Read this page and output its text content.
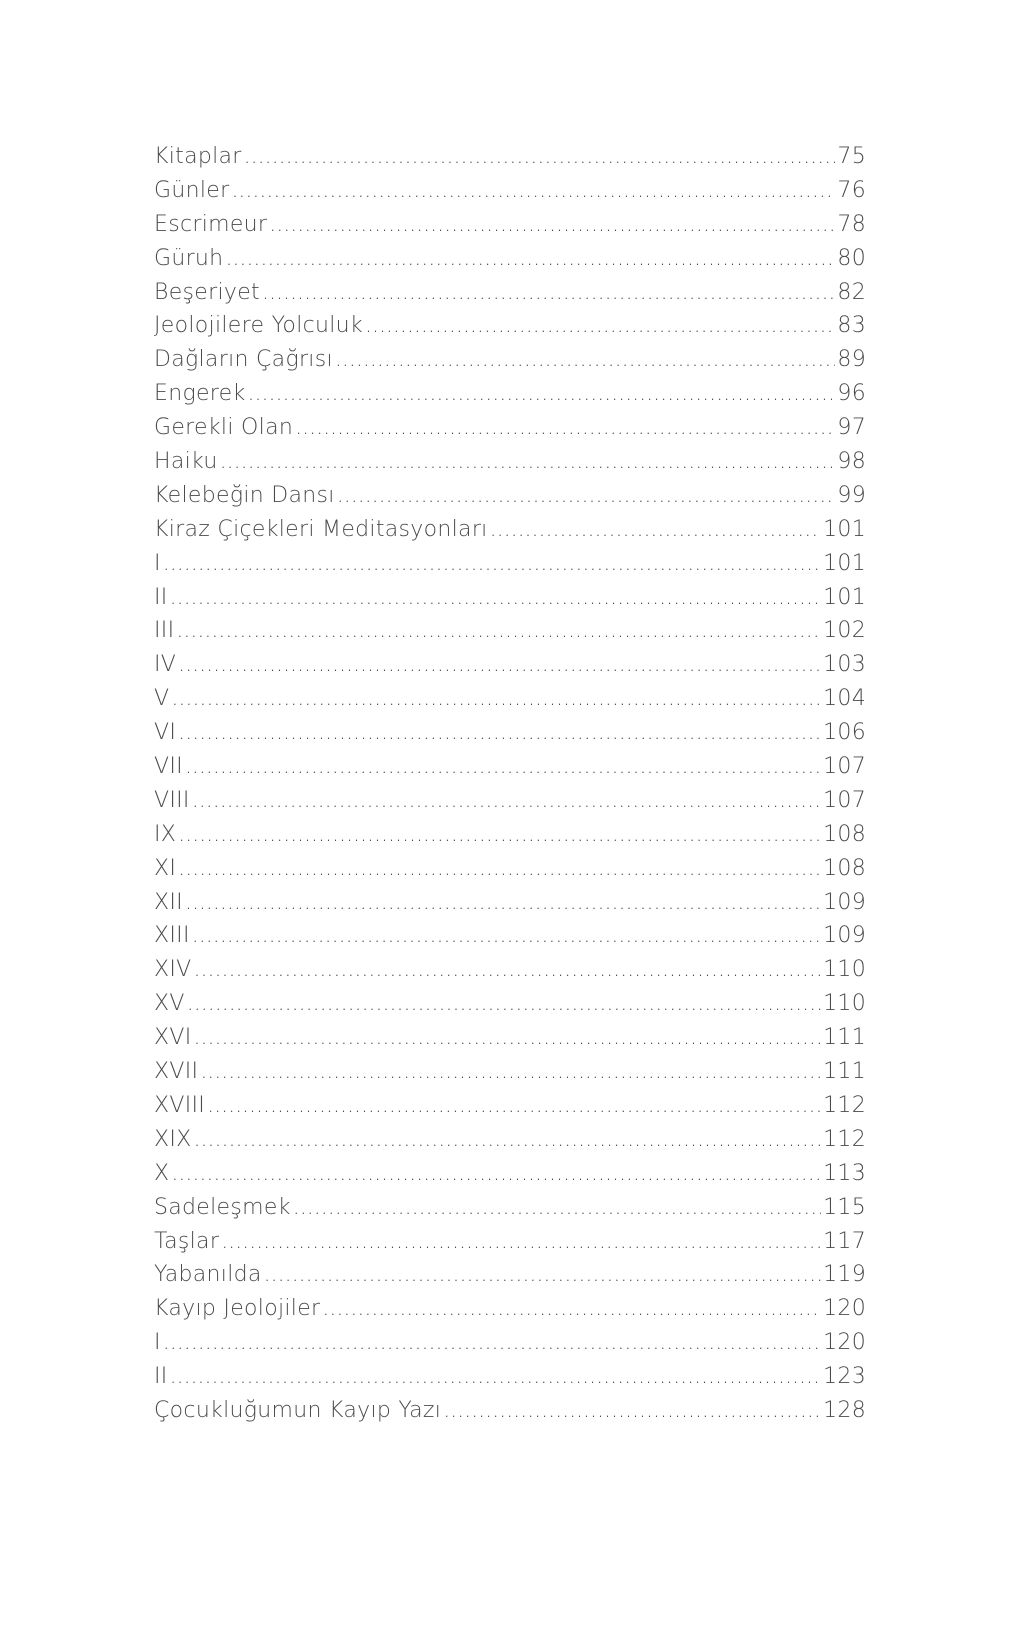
Kitaplar .....	75
Günler .....	76
Escrimeur .....	78
Güruh .....	80
Beşeriyet .....	82
Jeolojilere Yolculuk .....	83
Dağların Çağrısı .....	89
Engerek .....	96
Gerekli Olan .....	97
Haiku .....	98
Kelebeğin Dansı .....	99
Kiraz Çiçekleri Meditasyonları .....	101
I .....	101
II .....	101
III .....	102
IV .....	103
V .....	104
VI .....	106
VII .....	107
VIII .....	107
IX .....	108
XI .....	108
XII .....	109
XIII .....	109
XIV .....	110
XV .....	110
XVI .....	111
XVII .....	111
XVIII .....	112
XIX .....	112
X .....	113
Sadeleşmek .....	115
Taşlar .....	117
Yabanılda .....	119
Kayıp Jeolojiler .....	120
I .....	120
II .....	123
Çocukluğumun Kayıp Yazı .....	128
